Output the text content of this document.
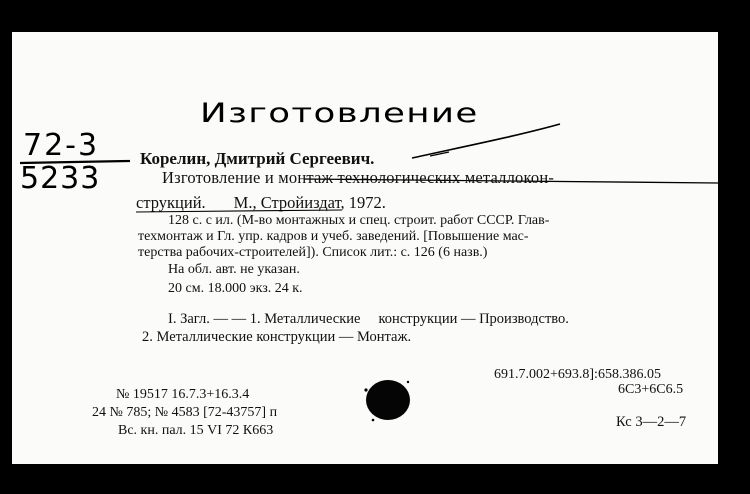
Изготовление
72-3
5233
Корелин, Дмитрий Сергеевич.
Изготовление и монтаж технологических металлокон-
струкций. М., Стройиздат, 1972.
128 с. с ил. (М-во монтажных и спец. строит. работ СССР. Глав-
техмонтаж и Гл. упр. кадров и учеб. заведений. [Повышение мас-
терства рабочих-строителей]). Список лит.: с. 126 (6 назв.)
На обл. авт. не указан.
20 см. 18.000 экз. 24 к.
I. Загл. — — 1. Металлические конструкции — Производство.
2. Металлические конструкции — Монтаж.
691.7.002+693.8]:658.386.05
6С3+6С6.5
№ 19517 16.7.3+16.3.4
24 № 785; № 4583 [72-43757] п
Вс. кн. пал. 15 VI 72 К663
Кс 3—2—7
